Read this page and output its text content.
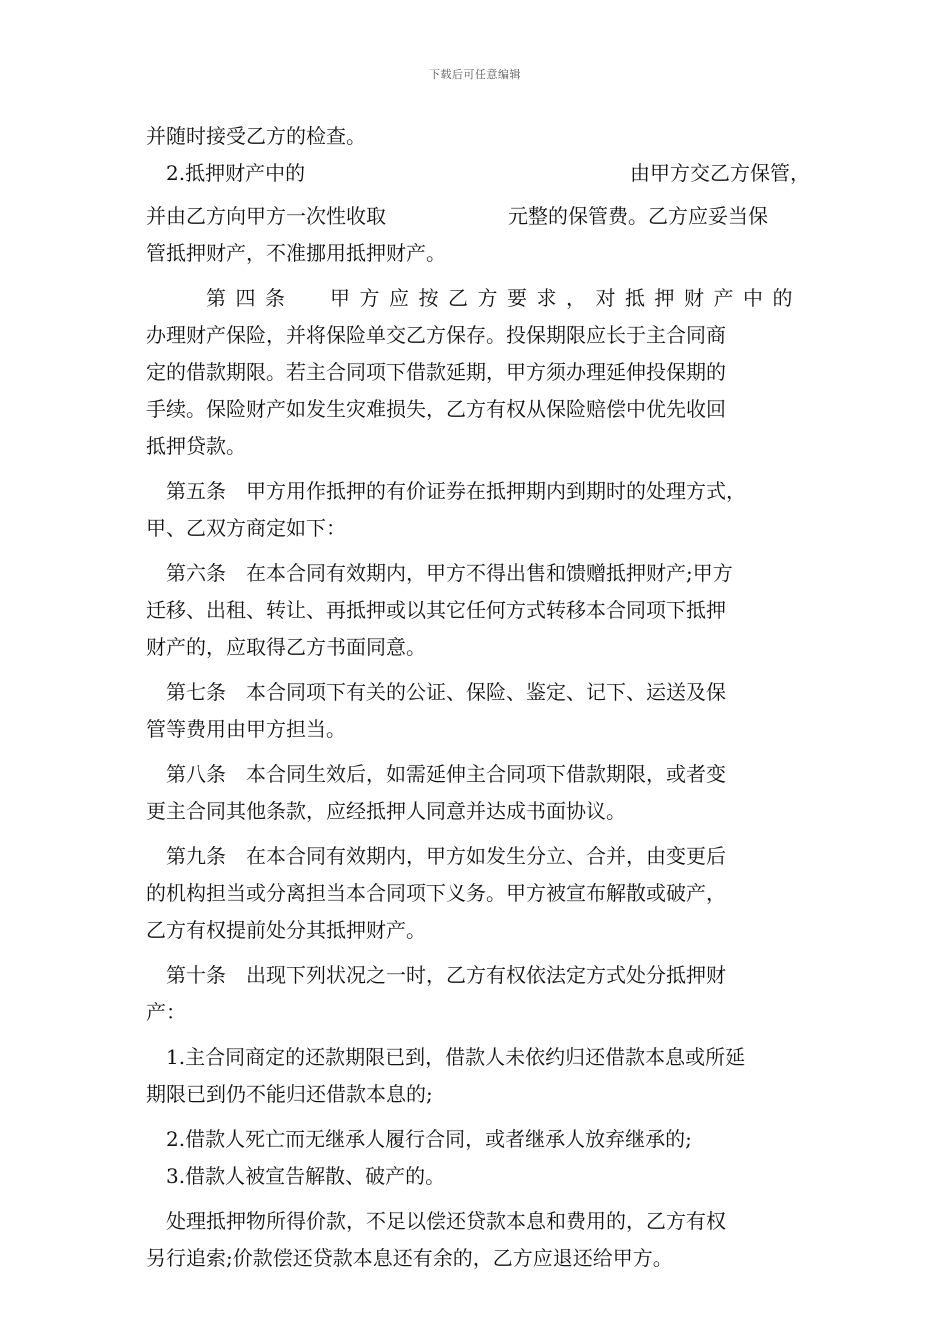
下载后可任意编辑
并随时接受乙方的检查。
2.抵押财产中的	由甲方交乙方保管，
并由乙方向甲方一次性收取	元整的保管费。乙方应妥当保
管抵押财产，不准挪用抵押财产。
第四条 甲方应按乙方要求，对抵押财产中的
办理财产保险，并将保险单交乙方保存。投保期限应长于主合同商
定的借款期限。若主合同项下借款延期，甲方须办理延伸投保期的
手续。保险财产如发生灾难损失，乙方有权从保险赔偿中优先收回
抵押贷款。
第五条　甲方用作抵押的有价证券在抵押期内到期时的处理方式，
甲、乙双方商定如下：
第六条　在本合同有效期内，甲方不得出售和馈赠抵押财产;甲方
迁移、出租、转让、再抵押或以其它任何方式转移本合同项下抵押
财产的，应取得乙方书面同意。
第七条　本合同项下有关的公证、保险、鉴定、记下、运送及保
管等费用由甲方担当。
第八条　本合同生效后，如需延伸主合同项下借款期限，或者变
更主合同其他条款，应经抵押人同意并达成书面协议。
第九条　在本合同有效期内，甲方如发生分立、合并，由变更后
的机构担当或分离担当本合同项下义务。甲方被宣布解散或破产，
乙方有权提前处分其抵押财产。
第十条　出现下列状况之一时，乙方有权依法定方式处分抵押财
产：
1.主合同商定的还款期限已到，借款人未依约归还借款本息或所延
期限已到仍不能归还借款本息的;
2.借款人死亡而无继承人履行合同，或者继承人放弃继承的;
3.借款人被宣告解散、破产的。
处理抵押物所得价款，不足以偿还贷款本息和费用的，乙方有权
另行追索;价款偿还贷款本息还有余的，乙方应退还给甲方。
